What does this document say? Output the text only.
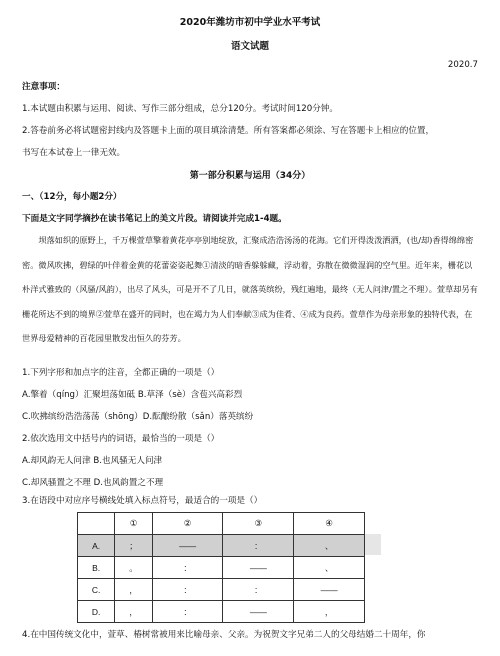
2020年潍坊市初中学业水平考试
语文试题
2020.7
注意事项：
1.本试题由积累与运用、阅读、写作三部分组成，总分120分。考试时间120分钟。
2.答卷前务必将试题密封线内及答题卡上面的项目填涂清楚。所有答案都必须涂、写在答题卡上相应的位置，
书写在本试卷上一律无效。
第一部分积累与运用（34分）
一、（12分，每小题2分）
下面是文字同学摘抄在读书笔记上的美文片段。请阅读并完成1-4题。
坝落如织的原野上，千万棵萱草擎着黄花亭亭别地绽放，汇聚成浩浩汤汤的花海。它们开得泼泼洒洒，(也/却)香得绵绵密密。微风吹拂，碧绿的叶伴着金黄的花蕾姿姿起舞①清淡的暗香躲躲藏，浮动着，弥散在微微湿润的空气里。近年来，栅花以朴洋式雅致的（风骚/风韵），出尽了风头，可是开不了几日，就落英缤纷，残红遍地，最终（无人问津/置之不理）。萱草却另有栅花所达不到的境界②萱草在盛开的同时，也在竭力为人们奉献③成为佳肴、④成为良药。萱草作为母亲形象的独特代表，在世界母爱精神的百花园里散发出恒久的芬芳。
1.下列字形和加点字的注音，全都正确的一项是（）
A.擎着（qíng）汇聚坦荡如砥 B.草泽（sè）含苞兴高彩烈
C.吹拂缤纷浩浩荡荡（shōng）D.酝酿纷散（sǎn）落英缤纷
2.依次选用文中括号内的词语，最恰当的一项是（）
A.却风韵无人问津 B.也风骚无人问津
C.却风骚置之不理 D.也风韵置之不理
3.在语段中对应序号横线处填入标点符号，最适合的一项是（）
	①	②	③	④
A.	；	——	：	、
B.	。	：	——	、
C.	，	：	：	——
D.	，	：	——	，
4.在中国传统文化中，萱草、椿树常被用来比喻母亲、父亲。为祝贺文字兄弟二人的父母结婚二十周年，你
